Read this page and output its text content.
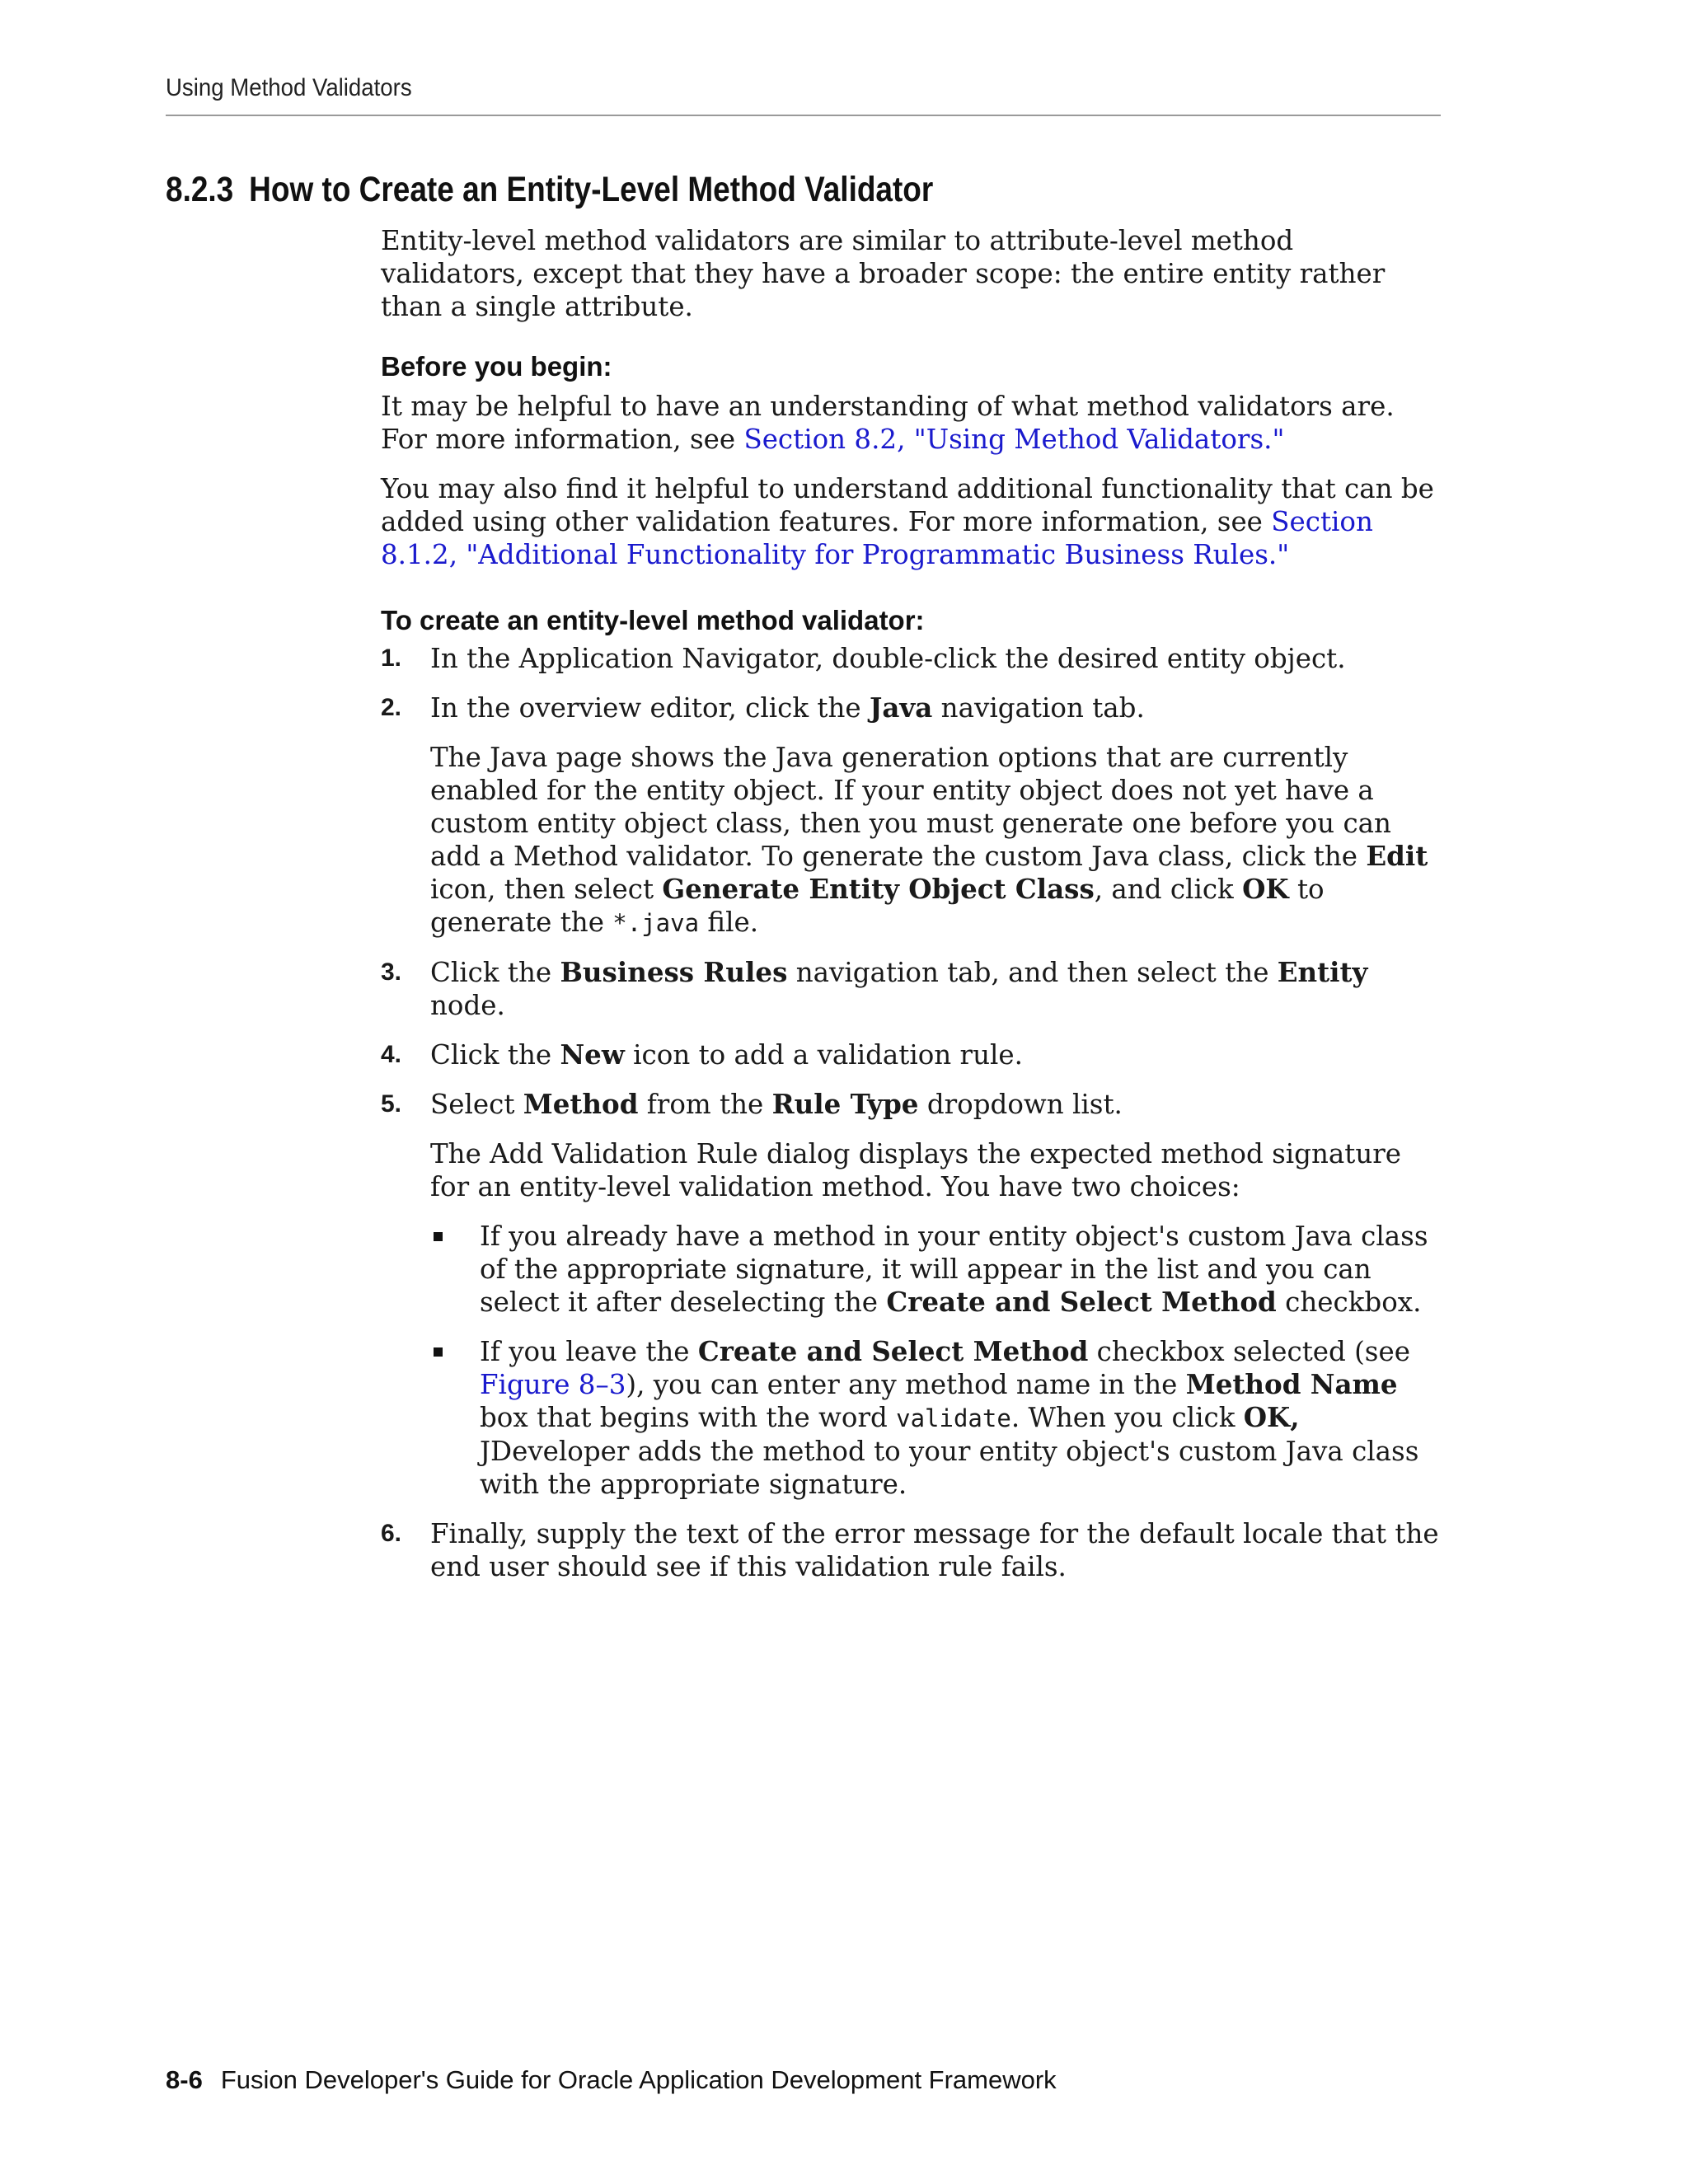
Using Method Validators
8.2.3 How to Create an Entity-Level Method Validator

Entity-level method validators are similar to attribute-level method validators, except that they have a broader scope: the entire entity rather than a single attribute.

Before you begin:

It may be helpful to have an understanding of what method validators are. For more information, see Section 8.2, "Using Method Validators."

You may also find it helpful to understand additional functionality that can be added using other validation features. For more information, see Section 8.1.2, "Additional Functionality for Programmatic Business Rules."

To create an entity-level method validator:
1. In the Application Navigator, double-click the desired entity object.

2. In the overview editor, click the Java navigation tab.

The Java page shows the Java generation options that are currently enabled for the entity object. If your entity object does not yet have a custom entity object class, then you must generate one before you can add a Method validator. To generate the custom Java class, click the Edit icon, then select Generate Entity Object Class, and click OK to generate the *.java file.

3. Click the Business Rules navigation tab, and then select the Entity node.

4. Click the New icon to add a validation rule.

5. Select Method from the Rule Type dropdown list.

The Add Validation Rule dialog displays the expected method signature for an entity-level validation method. You have two choices:

If you already have a method in your entity object's custom Java class of the appropriate signature, it will appear in the list and you can select it after deselecting the Create and Select Method checkbox.

If you leave the Create and Select Method checkbox selected (see Figure 8–3), you can enter any method name in the Method Name box that begins with the word validate. When you click OK, JDeveloper adds the method to your entity object's custom Java class with the appropriate signature.

6. Finally, supply the text of the error message for the default locale that the end user should see if this validation rule fails.

8-6 Fusion Developer's Guide for Oracle Application Development Framework
